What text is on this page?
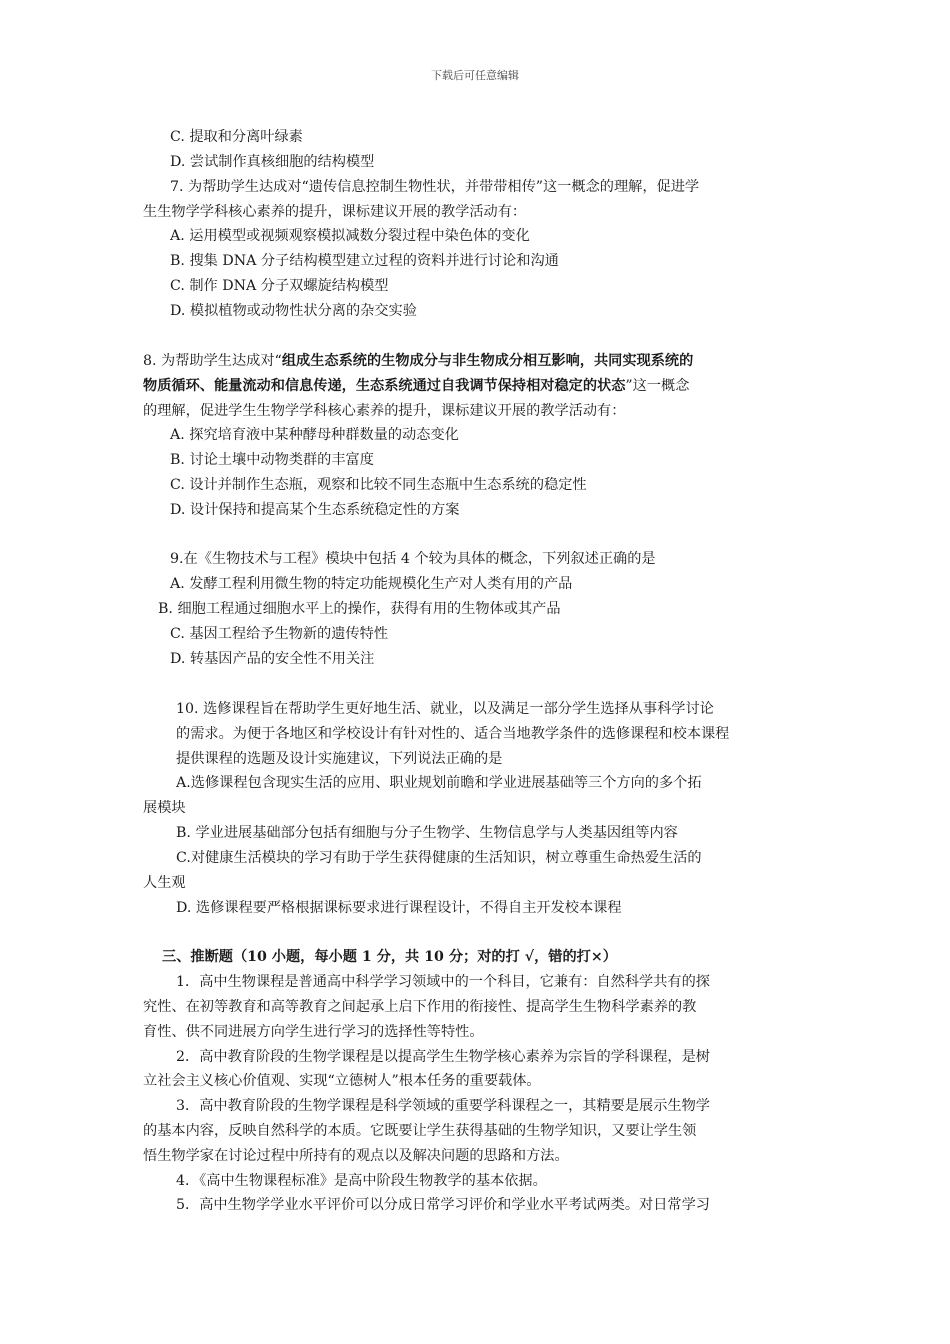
下载后可任意编辑
C. 提取和分离叶绿素
D. 尝试制作真核细胞的结构模型
7. 为帮助学生达成对“遗传信息控制生物性状，并带带相传”这一概念的理解，促进学
生生物学学科核心素养的提升，课标建议开展的教学活动有：
A. 运用模型或视频观察模拟减数分裂过程中染色体的变化
B. 搜集 DNA 分子结构模型建立过程的资料并进行讨论和沟通
C. 制作 DNA 分子双螺旋结构模型
D. 模拟植物或动物性状分离的杂交实验
8. 为帮助学生达成对“组成生态系统的生物成分与非生物成分相互影响，共同实现系统的
物质循环、能量流动和信息传递，生态系统通过自我调节保持相对稳定的状态”这一概念
的理解，促进学生生物学学科核心素养的提升，课标建议开展的教学活动有：
A. 探究培育液中某种酵母种群数量的动态变化
B. 讨论土壤中动物类群的丰富度
C. 设计并制作生态瓶，观察和比较不同生态瓶中生态系统的稳定性
D. 设计保持和提高某个生态系统稳定性的方案
9.在《生物技术与工程》模块中包括 4 个较为具体的概念，下列叙述正确的是
A. 发酵工程利用微生物的特定功能规模化生产对人类有用的产品
B. 细胞工程通过细胞水平上的操作，获得有用的生物体或其产品
C. 基因工程给予生物新的遗传特性
D. 转基因产品的安全性不用关注
10. 选修课程旨在帮助学生更好地生活、就业，以及满足一部分学生选择从事科学讨论
的需求。为便于各地区和学校设计有针对性的、适合当地教学条件的选修课程和校本课程
提供课程的选题及设计实施建议，下列说法正确的是
A.选修课程包含现实生活的应用、职业规划前瞻和学业进展基础等三个方向的多个拓
展模块
B. 学业进展基础部分包括有细胞与分子生物学、生物信息学与人类基因组等内容
C.对健康生活模块的学习有助于学生获得健康的生活知识，树立尊重生命热爱生活的
人生观
D. 选修课程要严格根据课标要求进行课程设计，不得自主开发校本课程
三、推断题（10 小题，每小题 1 分，共 10 分；对的打 √，错的打×）
1．高中生物课程是普通高中科学学习领域中的一个科目，它兼有：自然科学共有的探
究性、在初等教育和高等教育之间起承上启下作用的衔接性、提高学生生物科学素养的教
育性、供不同进展方向学生进行学习的选择性等特性。
2．高中教育阶段的生物学课程是以提高学生生物学核心素养为宗旨的学科课程，是树
立社会主义核心价值观、实现“立德树人”根本任务的重要载体。
3．高中教育阶段的生物学课程是科学领域的重要学科课程之一，其精要是展示生物学
的基本内容，反映自然科学的本质。它既要让学生获得基础的生物学知识，又要让学生领
悟生物学家在讨论过程中所持有的观点以及解决问题的思路和方法。
4．《高中生物课程标准》是高中阶段生物教学的基本依据。
5．高中生物学学业水平评价可以分成日常学习评价和学业水平考试两类。对日常学习
